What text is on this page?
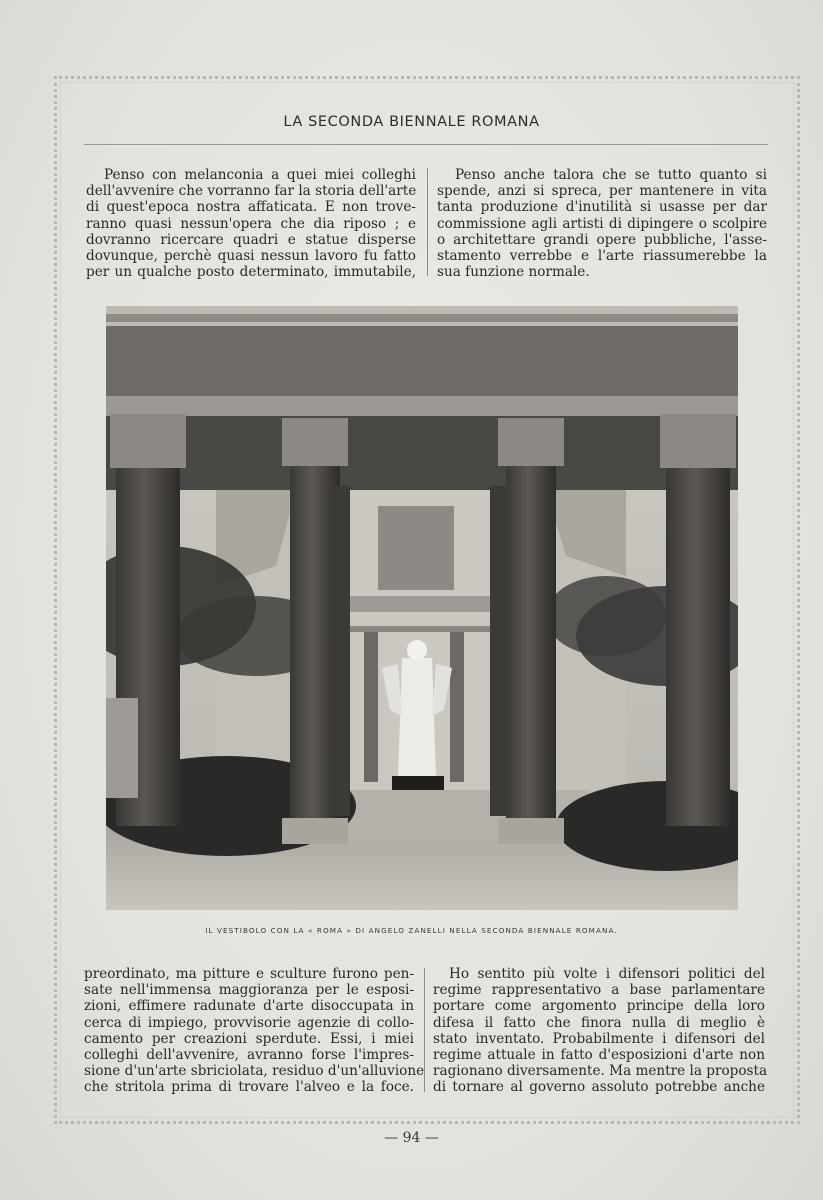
LA SECONDA BIENNALE ROMANA
Penso con melanconia a quei miei colleghi
dell'avvenire che vorranno far la storia dell'arte
di quest'epoca nostra affaticata. E non trove-
ranno quasi nessun'opera che dia riposo ; e
dovranno ricercare quadri e statue disperse
dovunque, perchè quasi nessun lavoro fu fatto
per un qualche posto determinato, immutabile,
Penso anche talora che se tutto quanto si
spende, anzi si spreca, per mantenere in vita
tanta produzione d'inutilità si usasse per dar
commissione agli artisti di dipingere o scolpire
o architettare grandi opere pubbliche, l'asse-
stamento verrebbe e l'arte riassumerebbe la
sua funzione normale.
IL VESTIBOLO CON LA « ROMA » DI ANGELO ZANELLI NELLA SECONDA BIENNALE ROMANA.
preordinato, ma pitture e sculture furono pen-
sate nell'immensa maggioranza per le esposi-
zioni, effimere radunate d'arte disoccupata in
cerca di impiego, provvisorie agenzie di collo-
camento per creazioni sperdute. Essi, i miei
colleghi dell'avvenire, avranno forse l'impres-
sione d'un'arte sbriciolata, residuo d'un'alluvione
che stritola prima di trovare l'alveo e la foce.
Ho sentito più volte i difensori politici del
regime rappresentativo a base parlamentare
portare come argomento principe della loro
difesa il fatto che finora nulla di meglio è
stato inventato. Probabilmente i difensori del
regime attuale in fatto d'esposizioni d'arte non
ragionano diversamente. Ma mentre la proposta
di tornare al governo assoluto potrebbe anche
— 94 —
